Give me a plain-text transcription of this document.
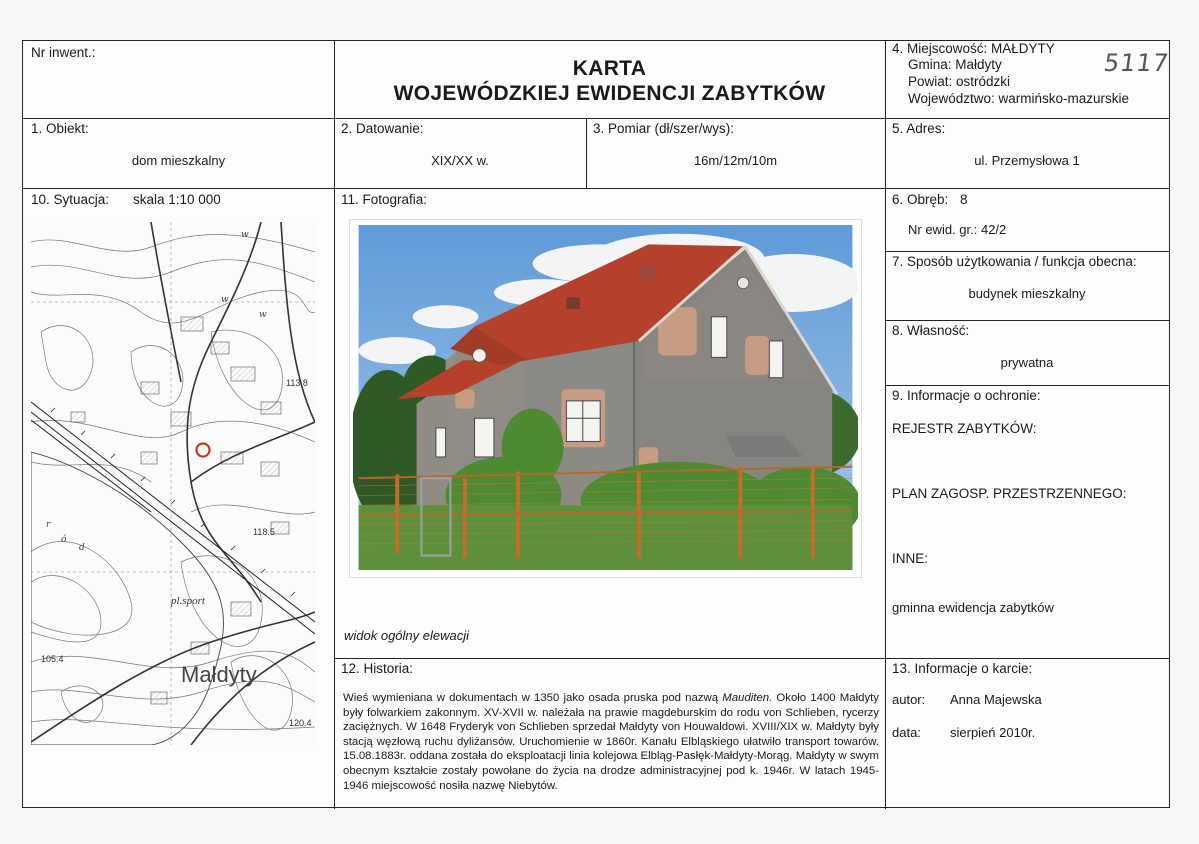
Nr inwent.:
KARTA
WOJEWÓDZKIEJ EWIDENCJI ZABYTKÓW
4. Miejscowość: MAŁDYTY
Gmina: Małdyty
Powiat: ostródzki
Województwo: warmińsko-mazurskie
5117
1. Obiekt:
dom mieszkalny
2. Datowanie:
XIX/XX w.
3. Pomiar (dł/szer/wys):
16m/12m/10m
5. Adres:
ul. Przemysłowa 1
10. Sytuacja: skala 1:10 000
w
w
w
r
d
ó
113.8
118.5
105.4
120.4
pl.sport
Małdyty
11. Fotografia:
widok ogólny elewacji
6. Obręb: 8
Nr ewid. gr.: 42/2
7. Sposób użytkowania / funkcja obecna:
budynek mieszkalny
8. Własność:
prywatna
9. Informacje o ochronie:
REJESTR ZABYTKÓW:
PLAN ZAGOSP. PRZESTRZENNEGO:
INNE:
gminna ewidencja zabytków
12. Historia:
Wieś wymieniana w dokumentach w 1350 jako osada pruska pod nazwą Mauditen. Około 1400 Małdyty były folwarkiem zakonnym. XV-XVII w. należała na prawie magdeburskim do rodu von Schlieben, rycerzy zaciężnych. W 1648 Fryderyk von Schlieben sprzedał Małdyty von Houwaldowi. XVIII/XIX w. Małdyty były stacją węzłową ruchu dyliżansów. Uruchomienie w 1860r. Kanału Elbląskiego ułatwiło transport towarów. 15.08.1883r. oddana została do eksploatacji linia kolejowa Elbląg-Pasłęk-Małdyty-Morąg. Małdyty w swym obecnym kształcie zostały powołane do życia na drodze administracyjnej pod k. 1946r. W latach 1945-1946 miejscowość nosiła nazwę Niebytów.
13. Informacje o karcie:
autor: Anna Majewska
data: sierpień 2010r.
